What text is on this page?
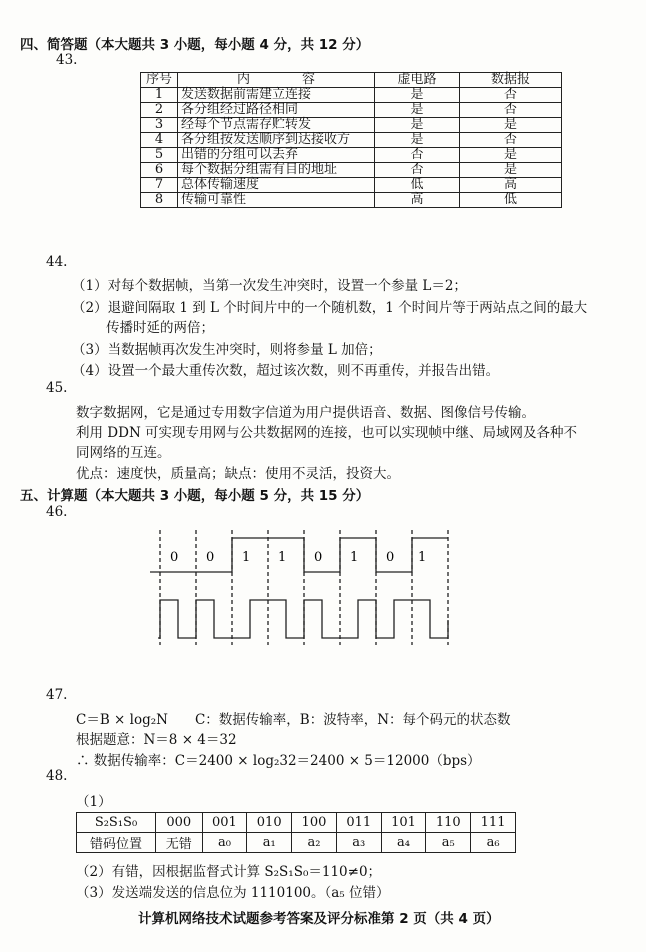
四、简答题（本大题共 3 小题，每小题 4 分，共 12 分）
43.
序号	内　　　　容	虚电路	数据报
1	发送数据前需建立连接	是	否
2	各分组经过路径相同	是	否
3	经每个节点需存贮转发	是	是
4	各分组按发送顺序到达接收方	是	否
5	出错的分组可以丢弃	否	是
6	每个数据分组需有目的地址	否	是
7	总体传输速度	低	高
8	传输可靠性	高	低
44.
（1）对每个数据帧，当第一次发生冲突时，设置一个参量 L＝2；
（2）退避间隔取 1 到 L 个时间片中的一个随机数，1 个时间片等于两站点之间的最大
传播时延的两倍；
（3）当数据帧再次发生冲突时，则将参量 L 加倍；
（4）设置一个最大重传次数，超过该次数，则不再重传，并报告出错。
45.
数字数据网，它是通过专用数字信道为用户提供语音、数据、图像信号传输。
利用 DDN 可实现专用网与公共数据网的连接，也可以实现帧中继、局域网及各种不
同网络的互连。
优点：速度快，质量高；缺点：使用不灵活，投资大。
五、计算题（本大题共 3 小题，每小题 5 分，共 15 分）
46.
0 0 1 1 0 1 0 1
47.
C＝B × log₂N　　C：数据传输率，B：波特率，N：每个码元的状态数
根据题意：N＝8 × 4＝32
∴ 数据传输率：C＝2400 × log₂32＝2400 × 5＝12000（bps）
48.
（1）
S₂S₁S₀	000	001	010	100	011	101	110	111
错码位置	无错	a₀	a₁	a₂	a₃	a₄	a₅	a₆
（2）有错，因根据监督式计算 S₂S₁S₀＝110≠0；
（3）发送端发送的信息位为 1110100。（a₅ 位错）
计算机网络技术试题参考答案及评分标准第 2 页（共 4 页）
